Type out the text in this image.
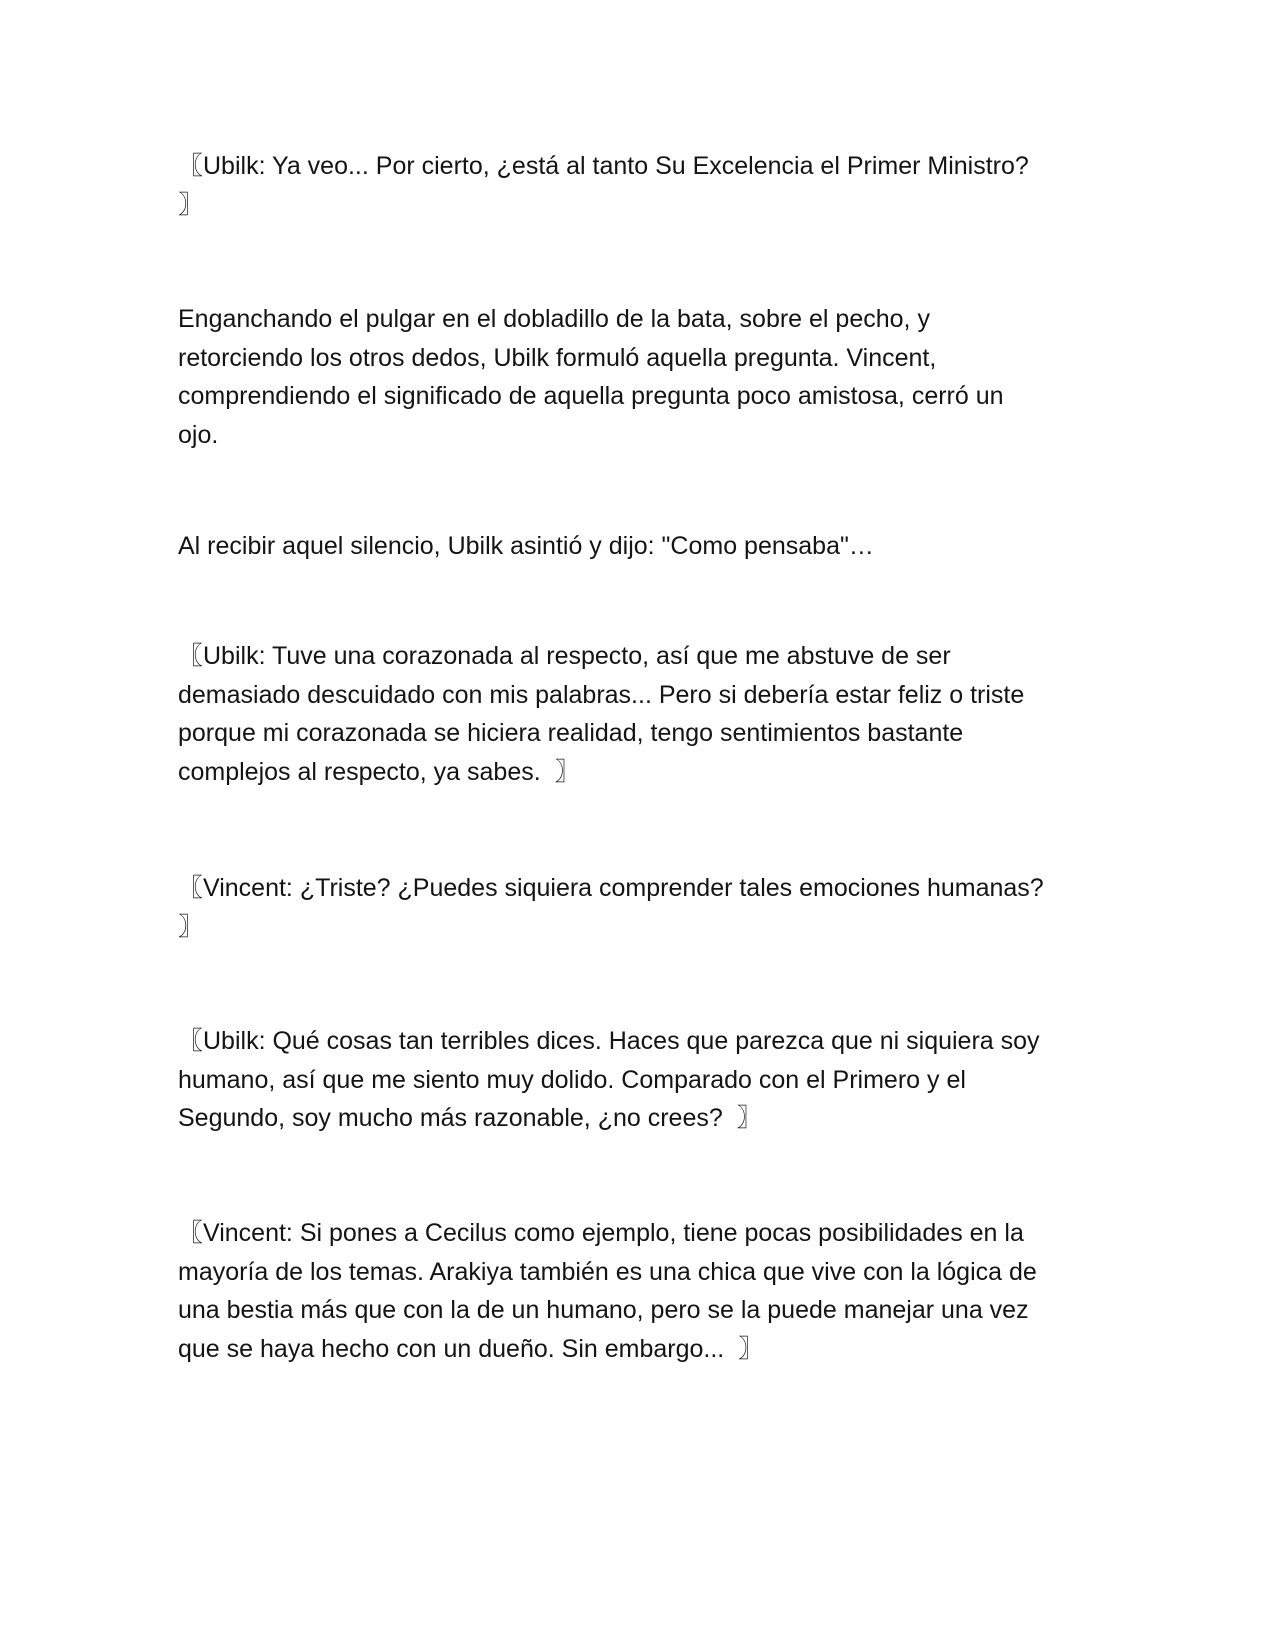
〖Ubilk: Ya veo... Por cierto, ¿está al tanto Su Excelencia el Primer Ministro?
〗

Enganchando el pulgar en el dobladillo de la bata, sobre el pecho, y
retorciendo los otros dedos, Ubilk formuló aquella pregunta. Vincent,
comprendiendo el significado de aquella pregunta poco amistosa, cerró un
ojo.

Al recibir aquel silencio, Ubilk asintió y dijo: "Como pensaba"…

〖Ubilk: Tuve una corazonada al respecto, así que me abstuve de ser
demasiado descuidado con mis palabras... Pero si debería estar feliz o triste
porque mi corazonada se hiciera realidad, tengo sentimientos bastante
complejos al respecto, ya sabes.  〗

〖Vincent: ¿Triste? ¿Puedes siquiera comprender tales emociones humanas?
〗

〖Ubilk: Qué cosas tan terribles dices. Haces que parezca que ni siquiera soy
humano, así que me siento muy dolido. Comparado con el Primero y el
Segundo, soy mucho más razonable, ¿no crees?  〗

〖Vincent: Si pones a Cecilus como ejemplo, tiene pocas posibilidades en la
mayoría de los temas. Arakiya también es una chica que vive con la lógica de
una bestia más que con la de un humano, pero se la puede manejar una vez
que se haya hecho con un dueño. Sin embargo...  〗
